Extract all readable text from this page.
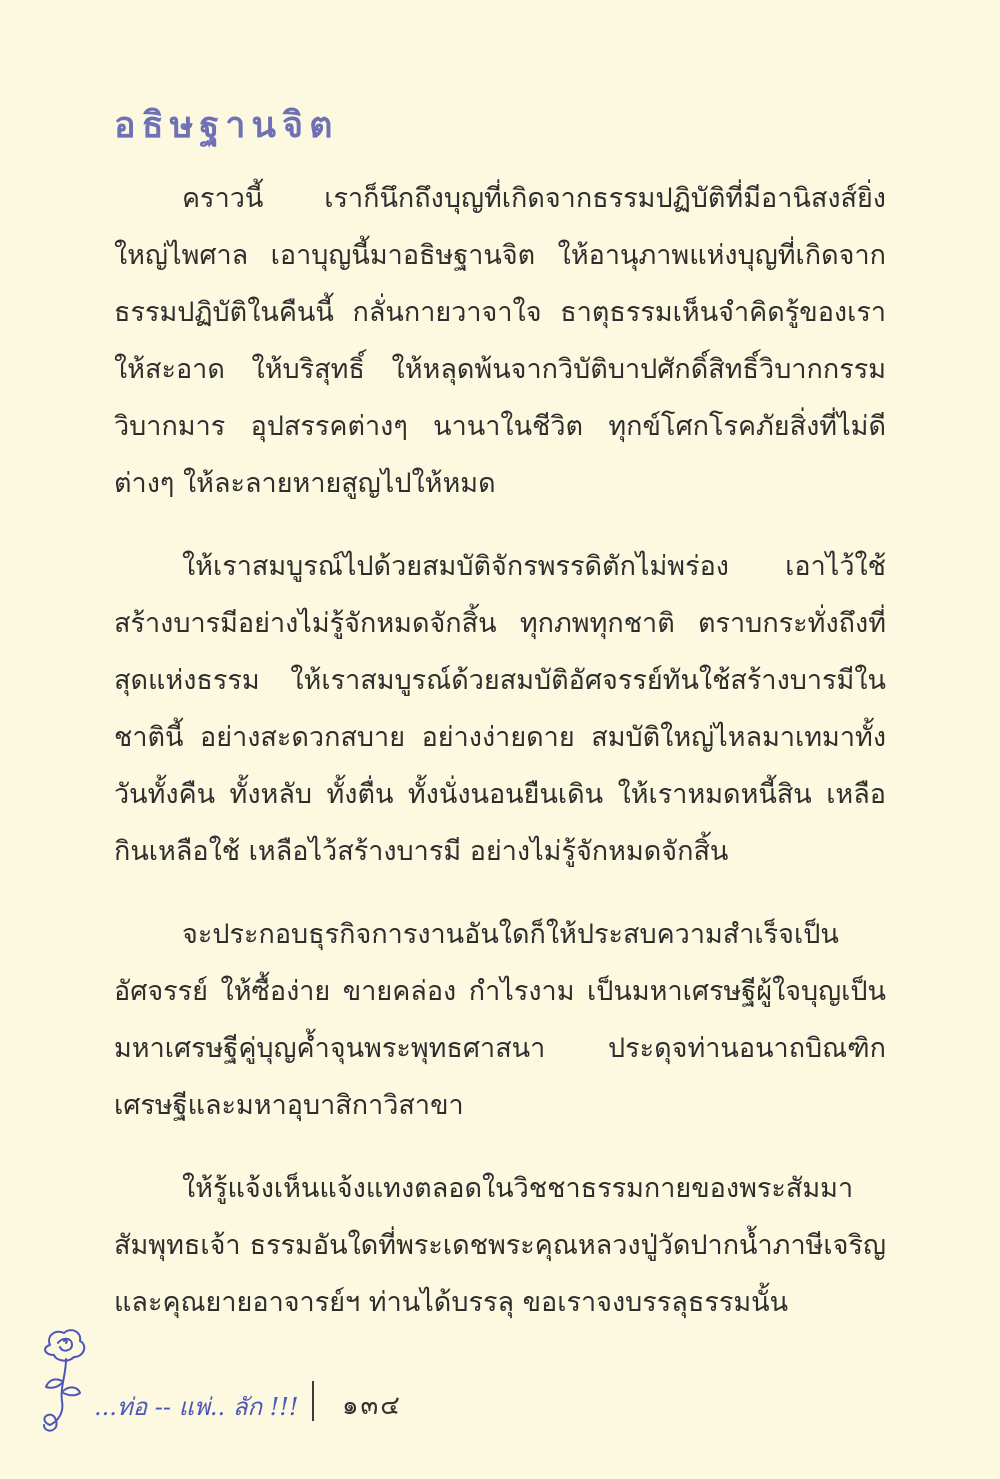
อธิษฐานจิต

คราวนี้ เราก็นึกถึงบุญที่เกิดจากธรรมปฏิบัติที่มีอานิสงส์ยิ่งใหญ่ไพศาล เอาบุญนี้มาอธิษฐานจิต ให้อานุภาพแห่งบุญที่เกิดจากธรรมปฏิบัติในคืนนี้ กลั่นกายวาจาใจ ธาตุธรรมเห็นจำคิดรู้ของเราให้สะอาด ให้บริสุทธิ์ ให้หลุดพ้นจากวิบัติบาปศักดิ์สิทธิ์วิบากกรรมวิบากมาร อุปสรรคต่างๆ นานาในชีวิต ทุกข์โศกโรคภัยสิ่งที่ไม่ดีต่างๆ ให้ละลายหายสูญไปให้หมด

ให้เราสมบูรณ์ไปด้วยสมบัติจักรพรรดิตักไม่พร่อง เอาไว้ใช้สร้างบารมีอย่างไม่รู้จักหมดจักสิ้น ทุกภพทุกชาติ ตราบกระทั่งถึงที่สุดแห่งธรรม ให้เราสมบูรณ์ด้วยสมบัติอัศจรรย์ทันใช้สร้างบารมีในชาตินี้ อย่างสะดวกสบาย อย่างง่ายดาย สมบัติใหญ่ไหลมาเทมาทั้งวันทั้งคืน ทั้งหลับ ทั้งตื่น ทั้งนั่งนอนยืนเดิน ให้เราหมดหนี้สิน เหลือกินเหลือใช้ เหลือไว้สร้างบารมี อย่างไม่รู้จักหมดจักสิ้น

จะประกอบธุรกิจการงานอันใดก็ให้ประสบความสำเร็จเป็นอัศจรรย์ ให้ซื้อง่าย ขายคล่อง กำไรงาม เป็นมหาเศรษฐีผู้ใจบุญเป็นมหาเศรษฐีคู่บุญค้ำจุนพระพุทธศาสนา ประดุจท่านอนาถบิณฑิกเศรษฐีและมหาอุบาสิกาวิสาขา

ให้รู้แจ้งเห็นแจ้งแทงตลอดในวิชชาธรรมกายของพระสัมมาสัมพุทธเจ้า ธรรมอันใดที่พระเดชพระคุณหลวงปู่วัดปากน้ำภาษีเจริญ และคุณยายอาจารย์ฯ ท่านได้บรรลุ ขอเราจงบรรลุธรรมนั้น

...ท่อ -- แพ่.. ลัก !!! ๑๓๔
